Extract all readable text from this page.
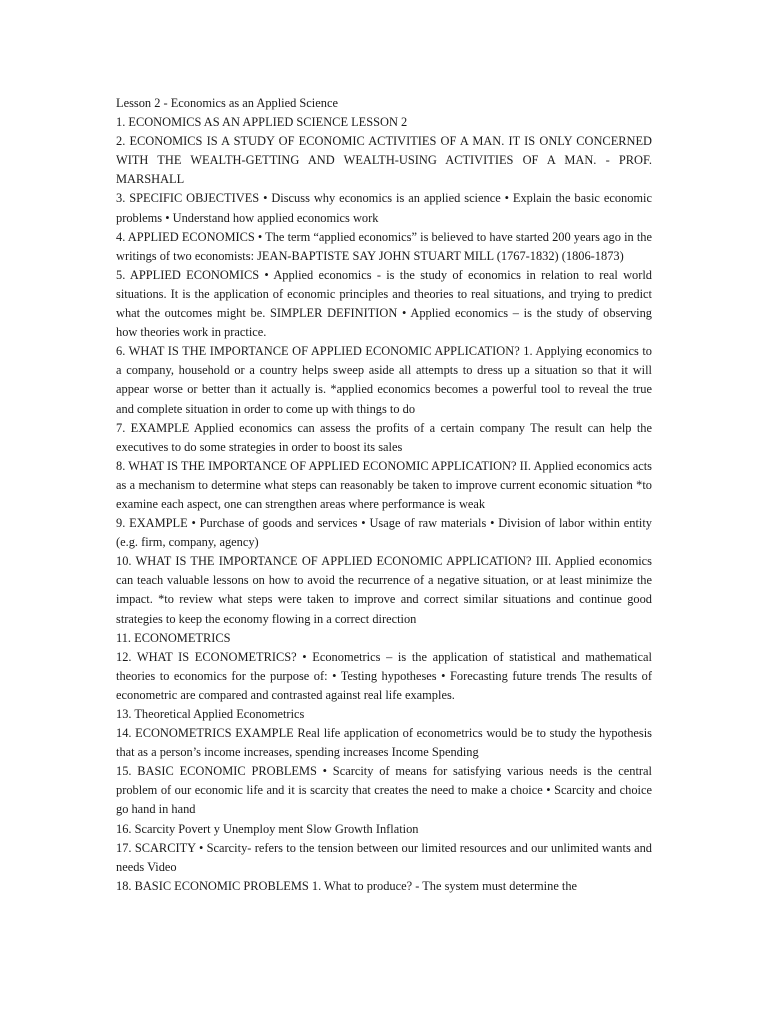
Lesson 2 - Economics as an Applied Science

1. ECONOMICS AS AN APPLIED SCIENCE LESSON 2

2. ECONOMICS IS A STUDY OF ECONOMIC ACTIVITIES OF A MAN. IT IS ONLY CONCERNED WITH THE WEALTH-GETTING AND WEALTH-USING ACTIVITIES OF A MAN. - PROF. MARSHALL

3. SPECIFIC OBJECTIVES • Discuss why economics is an applied science • Explain the basic economic problems • Understand how applied economics work

4. APPLIED ECONOMICS • The term “applied economics” is believed to have started 200 years ago in the writings of two economists: JEAN-BAPTISTE SAY JOHN STUART MILL (1767-1832) (1806-1873)

5. APPLIED ECONOMICS • Applied economics - is the study of economics in relation to real world situations. It is the application of economic principles and theories to real situations, and trying to predict what the outcomes might be. SIMPLER DEFINITION • Applied economics – is the study of observing how theories work in practice.

6. WHAT IS THE IMPORTANCE OF APPLIED ECONOMIC APPLICATION? 1. Applying economics to a company, household or a country helps sweep aside all attempts to dress up a situation so that it will appear worse or better than it actually is. *applied economics becomes a powerful tool to reveal the true and complete situation in order to come up with things to do

7. EXAMPLE Applied economics can assess the profits of a certain company The result can help the executives to do some strategies in order to boost its sales

8. WHAT IS THE IMPORTANCE OF APPLIED ECONOMIC APPLICATION? II. Applied economics acts as a mechanism to determine what steps can reasonably be taken to improve current economic situation *to examine each aspect, one can strengthen areas where performance is weak

9. EXAMPLE • Purchase of goods and services • Usage of raw materials • Division of labor within entity (e.g. firm, company, agency)

10. WHAT IS THE IMPORTANCE OF APPLIED ECONOMIC APPLICATION? III. Applied economics can teach valuable lessons on how to avoid the recurrence of a negative situation, or at least minimize the impact. *to review what steps were taken to improve and correct similar situations and continue good strategies to keep the economy flowing in a correct direction

11. ECONOMETRICS

12. WHAT IS ECONOMETRICS? • Econometrics – is the application of statistical and mathematical theories to economics for the purpose of: • Testing hypotheses • Forecasting future trends The results of econometric are compared and contrasted against real life examples.

13. Theoretical Applied Econometrics

14. ECONOMETRICS EXAMPLE Real life application of econometrics would be to study the hypothesis that as a person’s income increases, spending increases Income Spending

15. BASIC ECONOMIC PROBLEMS • Scarcity of means for satisfying various needs is the central problem of our economic life and it is scarcity that creates the need to make a choice • Scarcity and choice go hand in hand

16. Scarcity Povert y Unemploy ment Slow Growth Inflation

17. SCARCITY • Scarcity- refers to the tension between our limited resources and our unlimited wants and needs Video

18. BASIC ECONOMIC PROBLEMS 1. What to produce? - The system must determine the
